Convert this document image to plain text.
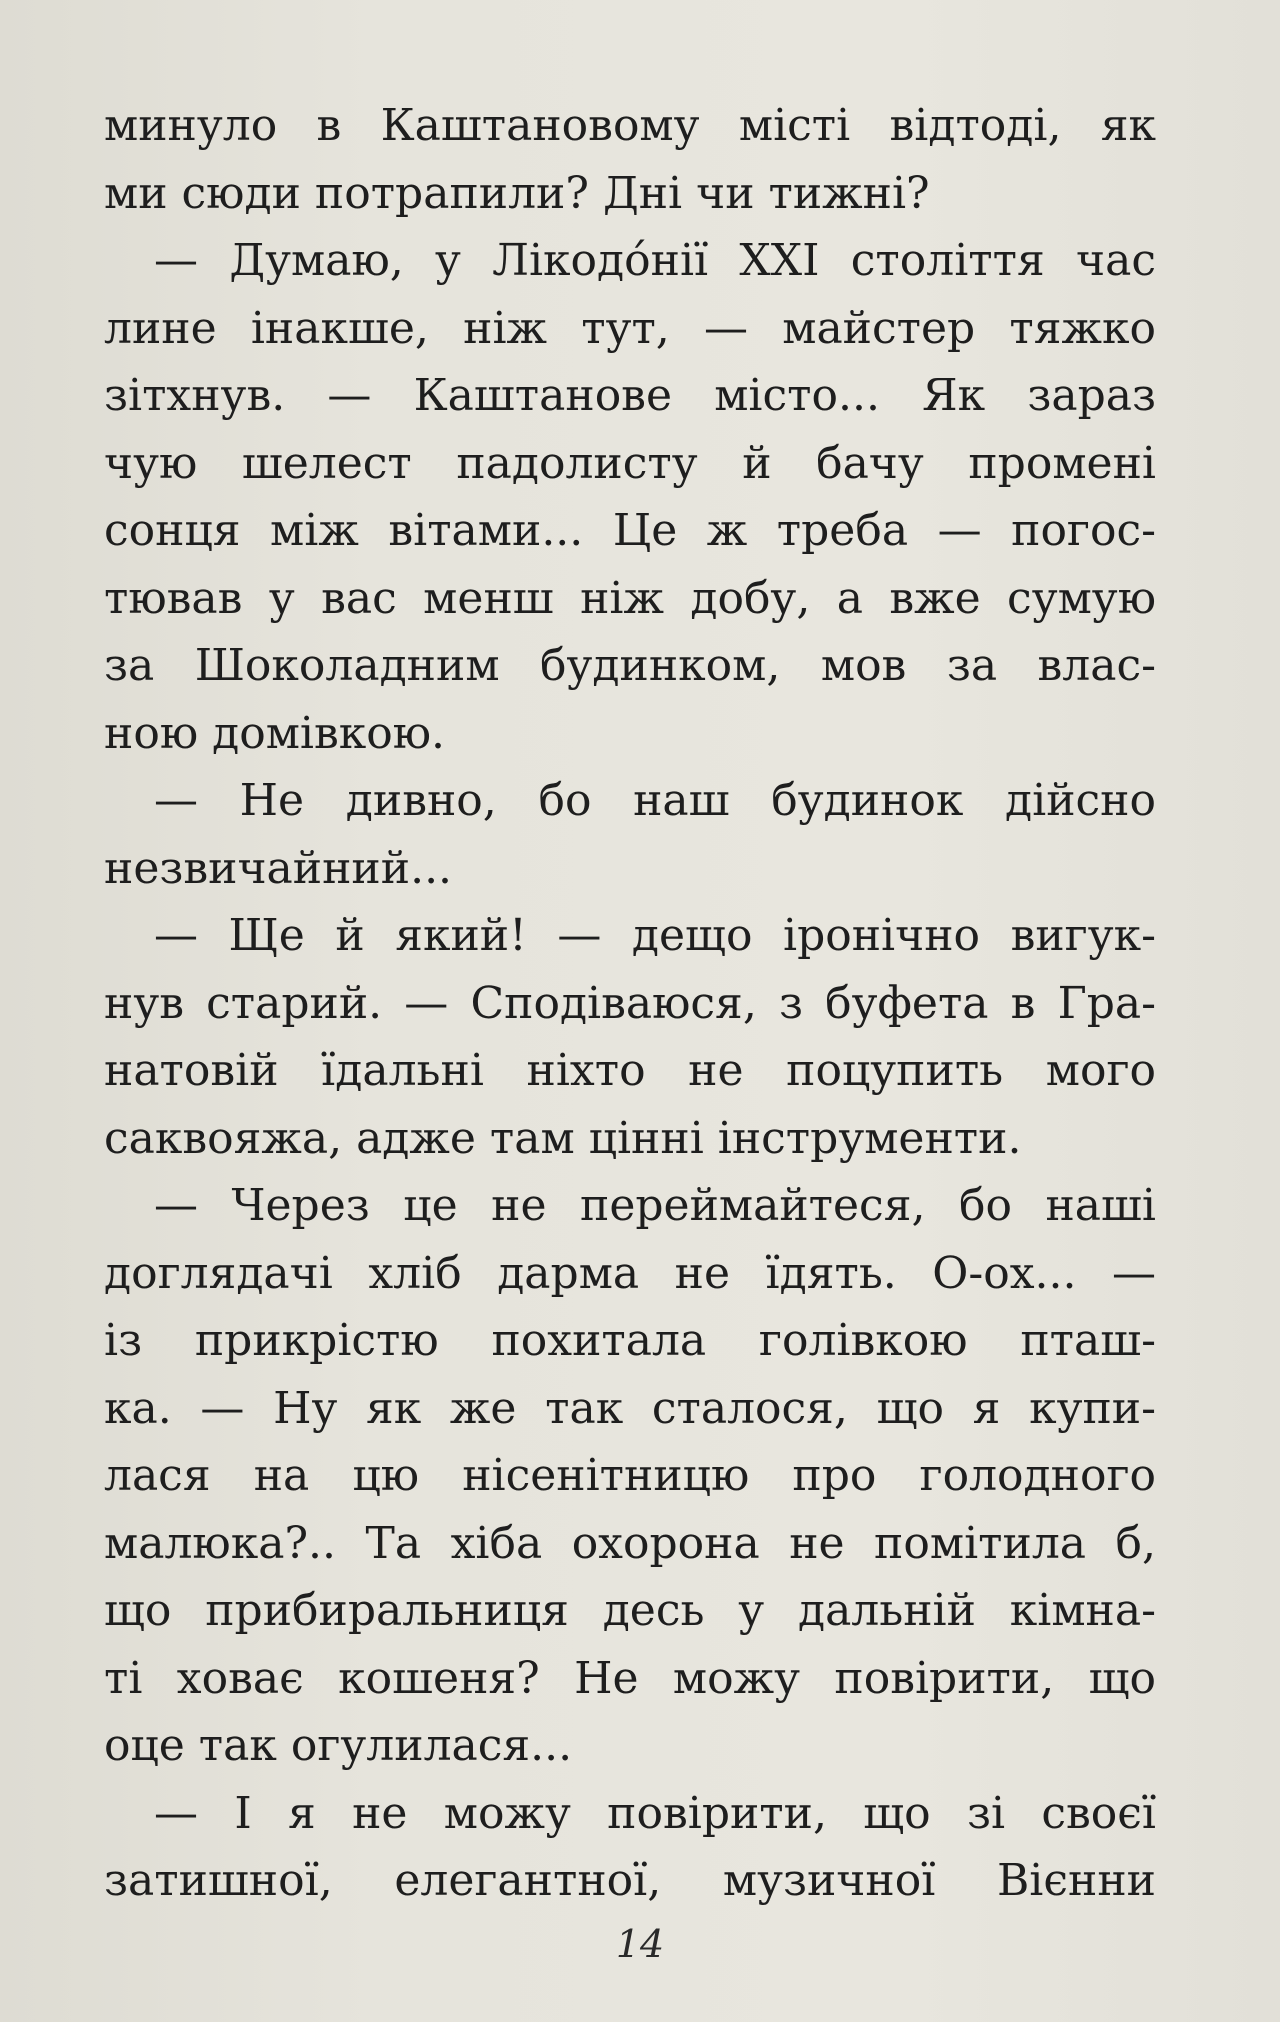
минуло в Каштановому місті відтоді, як
ми сюди потрапили? Дні чи тижні?
— Думаю, у Лікодóнії ХХІ століття час
лине інакше, ніж тут, — майстер тяжко
зітхнув. — Каштанове місто... Як зараз
чую шелест падолисту й бачу промені
сонця між вітами... Це ж треба — погос-
тював у вас менш ніж добу, а вже сумую
за Шоколадним будинком, мов за влас-
ною домівкою.
— Не дивно, бо наш будинок дійсно
незвичайний...
— Ще й який! — дещо іронічно вигук-
нув старий. — Сподіваюся, з буфета в Гра-
натовій їдальні ніхто не поцупить мого
саквояжа, адже там цінні інструменти.
— Через це не переймайтеся, бо наші
доглядачі хліб дарма не їдять. О-ох... —
із прикрістю похитала голівкою пташ-
ка. — Ну як же так сталося, що я купи-
лася на цю нісенітницю про голодного
малюка?.. Та хіба охорона не помітила б,
що прибиральниця десь у дальній кімна-
ті ховає кошеня? Не можу повірити, що
оце так огулилася...
— І я не можу повірити, що зі своєї
затишної, елегантної, музичної Вієнни
14
